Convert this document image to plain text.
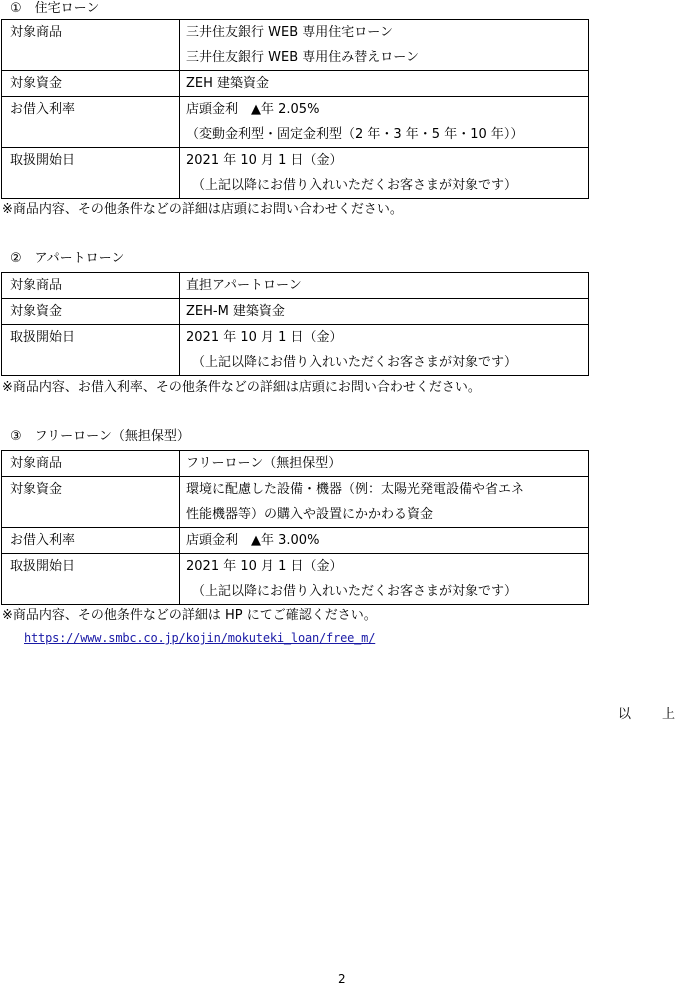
①　住宅ローン
対象商品	三井住友銀行 WEB 専用住宅ローン
三井住友銀行 WEB 専用住み替えローン

対象資金	ZEH 建築資金

お借入利率	店頭金利　▲年 2.05%
（変動金利型・固定金利型（2 年・3 年・5 年・10 年））

取扱開始日	2021 年 10 月 1 日（金）
（上記以降にお借り入れいただくお客さまが対象です）
※商品内容、その他条件などの詳細は店頭にお問い合わせください。
②　アパートローン
対象商品	直担アパートローン

対象資金	ZEH-M 建築資金

取扱開始日	2021 年 10 月 1 日（金）
（上記以降にお借り入れいただくお客さまが対象です）
※商品内容、お借入利率、その他条件などの詳細は店頭にお問い合わせください。
③　フリーローン（無担保型）
対象商品	フリーローン（無担保型）

対象資金	環境に配慮した設備・機器（例：太陽光発電設備や省エネ
性能機器等）の購入や設置にかかわる資金

お借入利率	店頭金利　▲年 3.00%

取扱開始日	2021 年 10 月 1 日（金）
（上記以降にお借り入れいただくお客さまが対象です）
※商品内容、その他条件などの詳細は HP にてご確認ください。
https://www.smbc.co.jp/kojin/mokuteki_loan/free_m/
以 上
2
